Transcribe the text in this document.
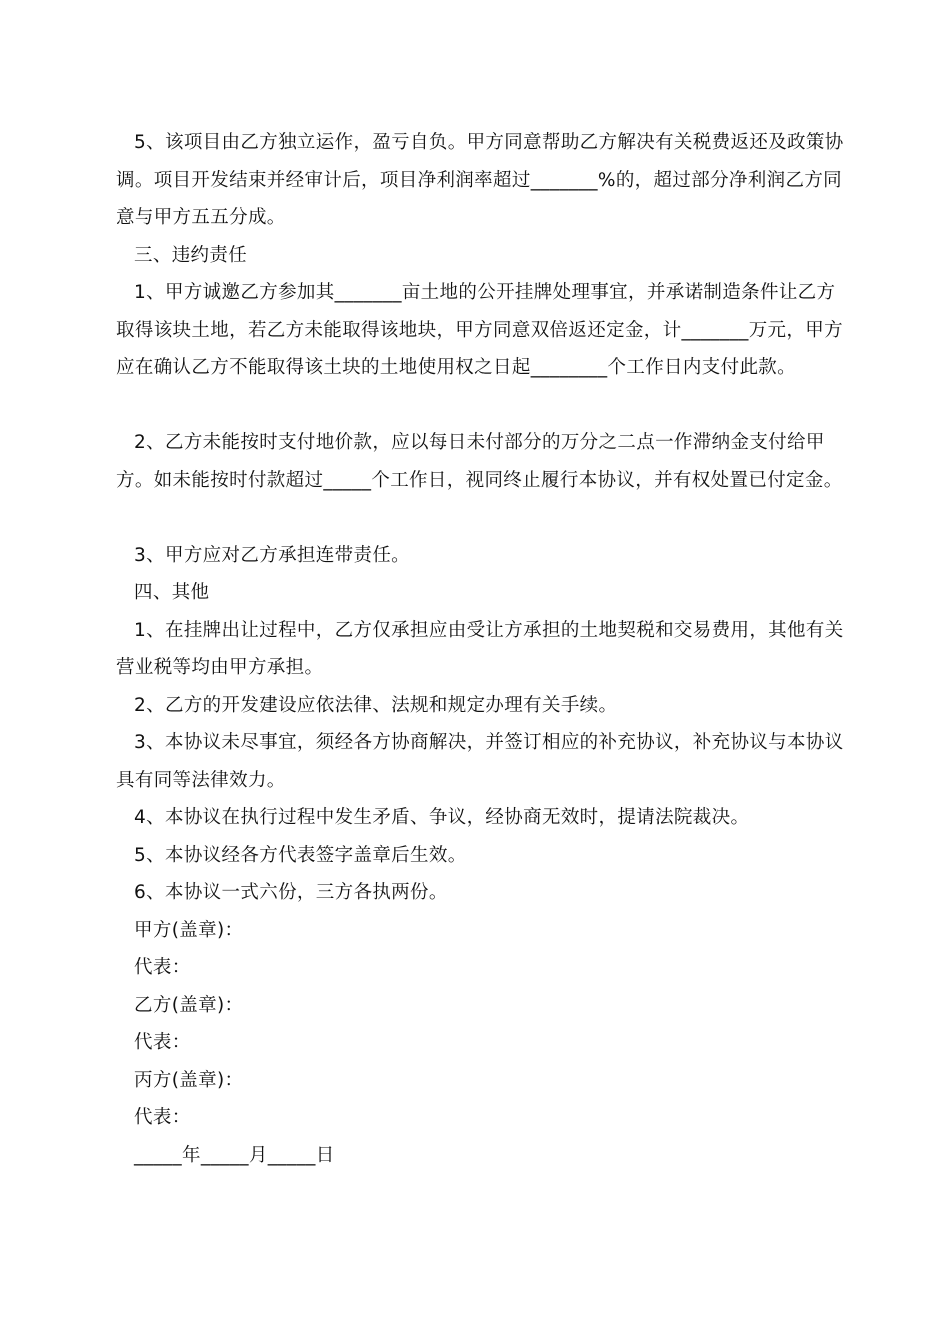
5、该项目由乙方独立运作，盈亏自负。甲方同意帮助乙方解决有关税费返还及政策协调。项目开发结束并经审计后，项目净利润率超过_______%的，超过部分净利润乙方同意与甲方五五分成。

三、违约责任

1、甲方诚邀乙方参加其_______亩土地的公开挂牌处理事宜，并承诺制造条件让乙方取得该块土地，若乙方未能取得该地块，甲方同意双倍返还定金，计_______万元，甲方应在确认乙方不能取得该土块的土地使用权之日起________个工作日内支付此款。

2、乙方未能按时支付地价款，应以每日未付部分的万分之二点一作滞纳金支付给甲方。如未能按时付款超过_____个工作日，视同终止履行本协议，并有权处置已付定金。

3、甲方应对乙方承担连带责任。

四、其他

1、在挂牌出让过程中，乙方仅承担应由受让方承担的土地契税和交易费用，其他有关营业税等均由甲方承担。

2、乙方的开发建设应依法律、法规和规定办理有关手续。

3、本协议未尽事宜，须经各方协商解决，并签订相应的补充协议，补充协议与本协议具有同等法律效力。

4、本协议在执行过程中发生矛盾、争议，经协商无效时，提请法院裁决。

5、本协议经各方代表签字盖章后生效。

6、本协议一式六份，三方各执两份。

甲方(盖章)：

代表：

乙方(盖章)：

代表：

丙方(盖章)：

代表：

_____年_____月_____日
